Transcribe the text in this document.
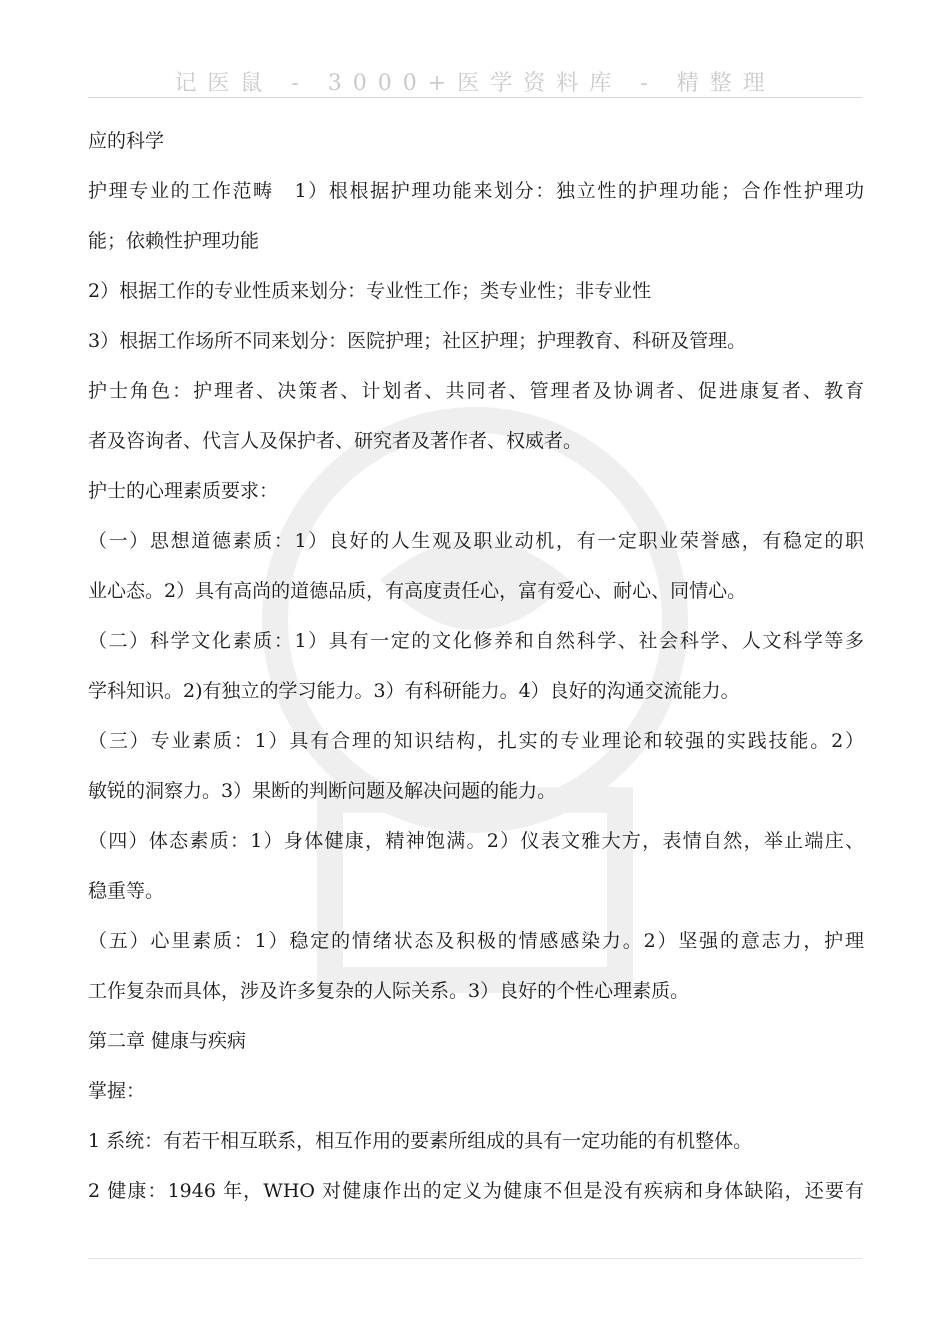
记医鼠 - 3000+医学资料库 - 精整理
应的科学
护理专业的工作范畴　1）根根据护理功能来划分：独立性的护理功能；合作性护理功
能；依赖性护理功能
2）根据工作的专业性质来划分：专业性工作；类专业性；非专业性
3）根据工作场所不同来划分：医院护理；社区护理；护理教育、科研及管理。
护士角色：护理者、决策者、计划者、共同者、管理者及协调者、促进康复者、教育
者及咨询者、代言人及保护者、研究者及著作者、权威者。
护士的心理素质要求：
（一）思想道德素质：1）良好的人生观及职业动机，有一定职业荣誉感，有稳定的职
业心态。2）具有高尚的道德品质，有高度责任心，富有爱心、耐心、同情心。
（二）科学文化素质：1）具有一定的文化修养和自然科学、社会科学、人文科学等多
学科知识。2)有独立的学习能力。3）有科研能力。4）良好的沟通交流能力。
（三）专业素质：1）具有合理的知识结构，扎实的专业理论和较强的实践技能。2）
敏锐的洞察力。3）果断的判断问题及解决问题的能力。
（四）体态素质：1）身体健康，精神饱满。2）仪表文雅大方，表情自然，举止端庄、
稳重等。
（五）心里素质：1）稳定的情绪状态及积极的情感感染力。2）坚强的意志力，护理
工作复杂而具体，涉及许多复杂的人际关系。3）良好的个性心理素质。
第二章 健康与疾病
掌握：
1 系统：有若干相互联系，相互作用的要素所组成的具有一定功能的有机整体。
2 健康：1946 年，WHO 对健康作出的定义为健康不但是没有疾病和身体缺陷，还要有
